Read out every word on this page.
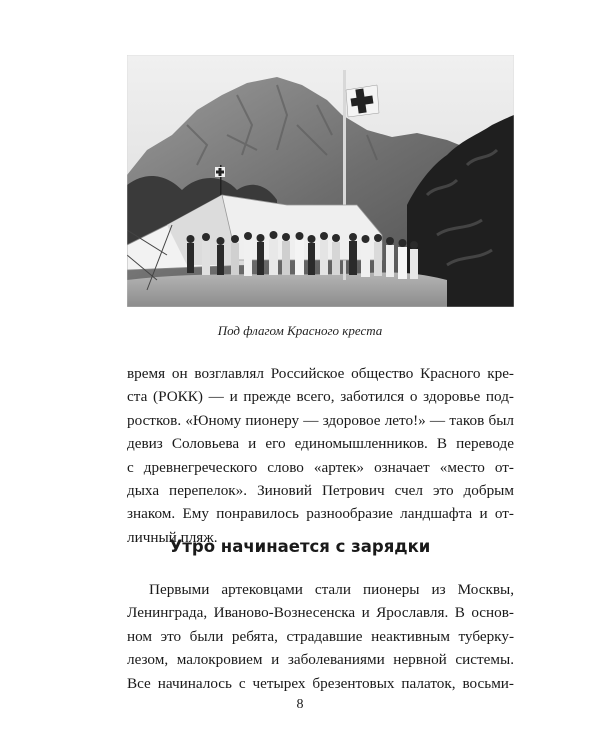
Под флагом Красного креста
время он возглавлял Российское общество Красного кре-
ста (РОКК) — и прежде всего, заботился о здоровье под-
ростков. «Юному пионеру — здоровое лето!» — таков был
девиз Соловьева и его единомышленников. В переводе
с древнегреческого слово «артек» означает «место от-
дыха перепелок». Зиновий Петрович счел это добрым
знаком. Ему понравилось разнообразие ландшафта и от-
личный пляж.
Утро начинается с зарядки
Первыми артековцами стали пионеры из Москвы,
Ленинграда, Иваново-Вознесенска и Ярославля. В основ-
ном это были ребята, страдавшие неактивным туберку-
лезом, малокровием и заболеваниями нервной системы.
Все начиналось с четырех брезентовых палаток, восьми-
8
